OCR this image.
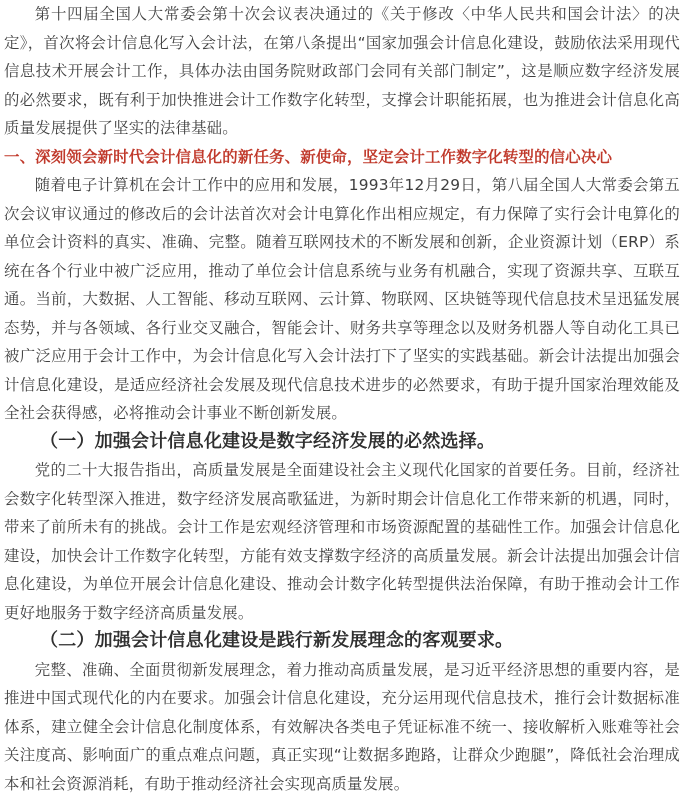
第十四届全国人大常委会第十次会议表决通过的《关于修改〈中华人民共和国会计法〉的决定》，首次将会计信息化写入会计法，在第八条提出“国家加强会计信息化建设，鼓励依法采用现代信息技术开展会计工作，具体办法由国务院财政部门会同有关部门制定”，这是顺应数字经济发展的必然要求，既有利于加快推进会计工作数字化转型，支撑会计职能拓展，也为推进会计信息化高质量发展提供了坚实的法律基础。

一、深刻领会新时代会计信息化的新任务、新使命，坚定会计工作数字化转型的信心决心

随着电子计算机在会计工作中的应用和发展，1993年12月29日，第八届全国人大常委会第五次会议审议通过的修改后的会计法首次对会计电算化作出相应规定，有力保障了实行会计电算化的单位会计资料的真实、准确、完整。随着互联网技术的不断发展和创新，企业资源计划（ERP）系统在各个行业中被广泛应用，推动了单位会计信息系统与业务有机融合，实现了资源共享、互联互通。当前，大数据、人工智能、移动互联网、云计算、物联网、区块链等现代信息技术呈迅猛发展态势，并与各领域、各行业交叉融合，智能会计、财务共享等理念以及财务机器人等自动化工具已被广泛应用于会计工作中，为会计信息化写入会计法打下了坚实的实践基础。新会计法提出加强会计信息化建设，是适应经济社会发展及现代信息技术进步的必然要求，有助于提升国家治理效能及全社会获得感，必将推动会计事业不断创新发展。

（一）加强会计信息化建设是数字经济发展的必然选择。

党的二十大报告指出，高质量发展是全面建设社会主义现代化国家的首要任务。目前，经济社会数字化转型深入推进，数字经济发展高歌猛进，为新时期会计信息化工作带来新的机遇，同时，带来了前所未有的挑战。会计工作是宏观经济管理和市场资源配置的基础性工作。加强会计信息化建设，加快会计工作数字化转型，方能有效支撑数字经济的高质量发展。新会计法提出加强会计信息化建设，为单位开展会计信息化建设、推动会计数字化转型提供法治保障，有助于推动会计工作更好地服务于数字经济高质量发展。

（二）加强会计信息化建设是践行新发展理念的客观要求。

完整、准确、全面贯彻新发展理念，着力推动高质量发展，是习近平经济思想的重要内容，是推进中国式现代化的内在要求。加强会计信息化建设，充分运用现代信息技术，推行会计数据标准体系，建立健全会计信息化制度体系，有效解决各类电子凭证标准不统一、接收解析入账难等社会关注度高、影响面广的重点难点问题，真正实现“让数据多跑路，让群众少跑腿”，降低社会治理成本和社会资源消耗，有助于推动经济社会实现高质量发展。
